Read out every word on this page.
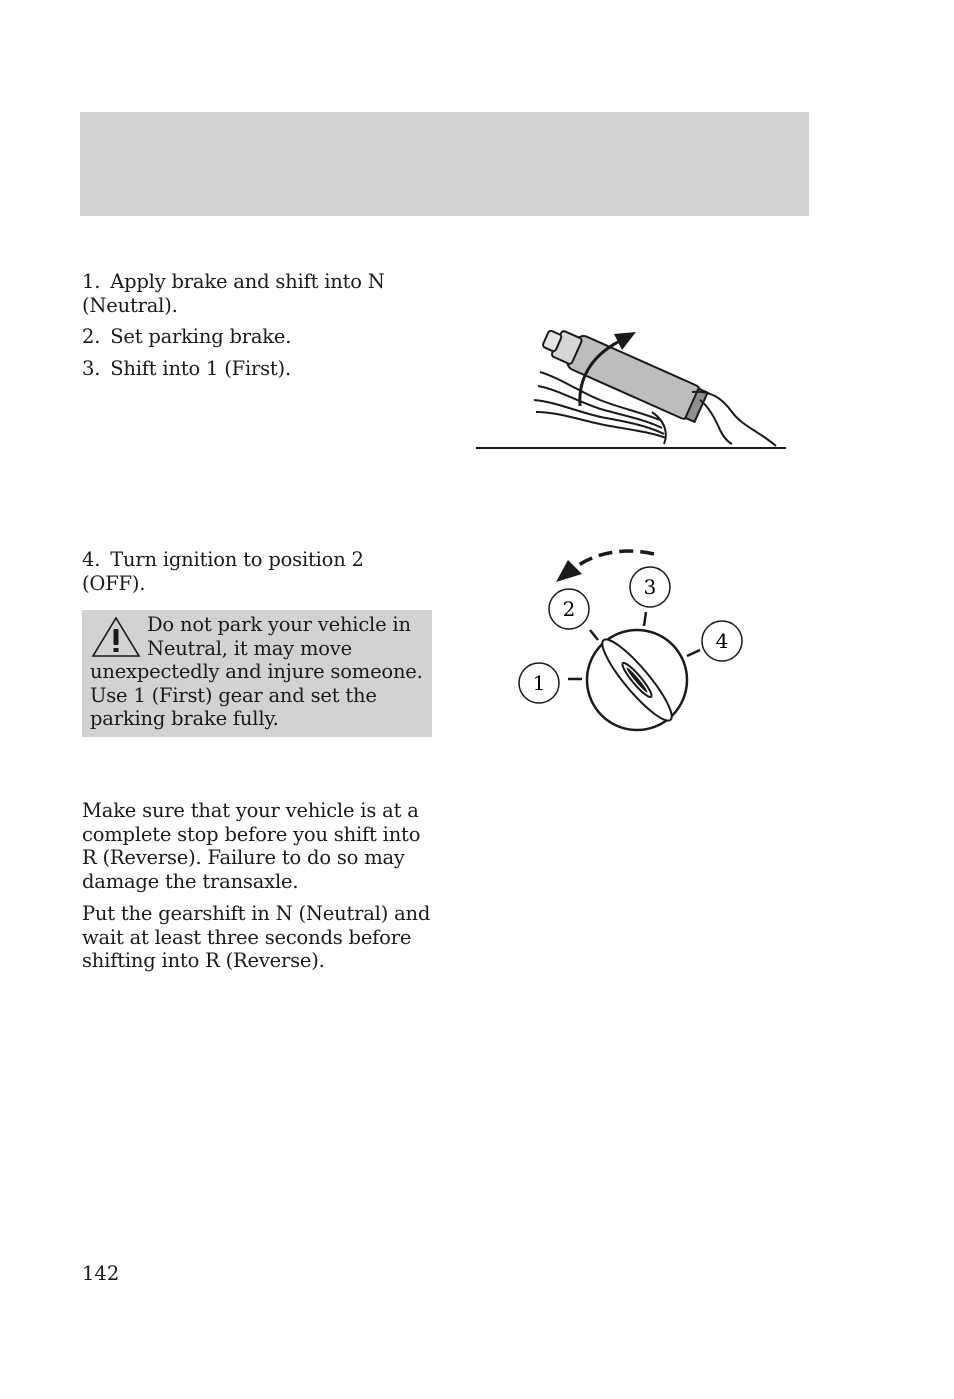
1. Apply brake and shift into N (Neutral).
2. Set parking brake.
3. Shift into 1 (First).
4. Turn ignition to position 2 (OFF).
Do not park your vehicle in Neutral, it may move unexpectedly and injure someone. Use 1 (First) gear and set the parking brake fully.
1
2
3
4
Make sure that your vehicle is at a complete stop before you shift into R (Reverse). Failure to do so may damage the transaxle.
Put the gearshift in N (Neutral) and wait at least three seconds before shifting into R (Reverse).
142
